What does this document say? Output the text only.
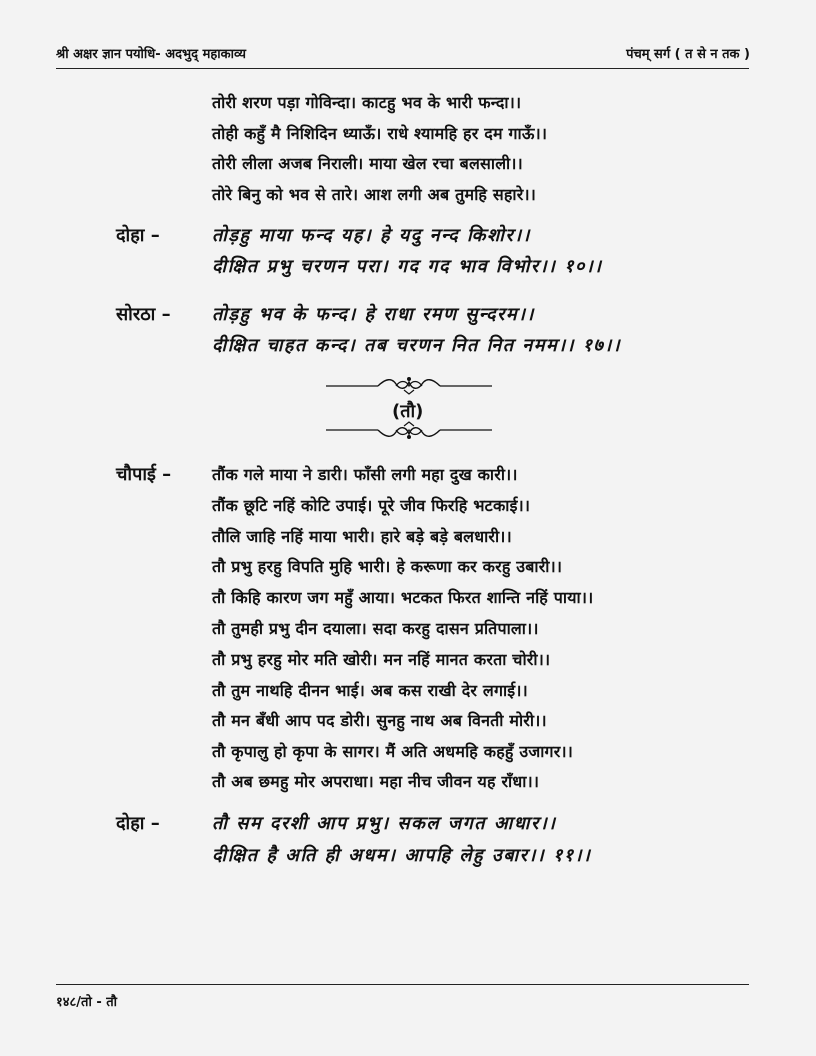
श्री अक्षर ज्ञान पयोधि- अदभुद् महाकाव्य	पंचम् सर्ग ( त से न तक )
तोरी शरण पड़ा गोविन्दा। काटहु भव के भारी फन्दा।।
तोही कहुँ मै निशिदिन ध्याऊँ। राधे श्यामहि हर दम गाऊँ।।
तोरी लीला अजब निराली। माया खेल रचा बलसाली।।
तोरे बिनु को भव से तारे। आश लगी अब तुमहि सहारे।।
दोहा –	तोड़हु माया फन्द यह। हे यदु नन्द किशोर।।
दीक्षित प्रभु चरणन परा। गद गद भाव विभोर।। १०।।
सोरठा – तोड़हु भव के फन्द। हे राधा रमण सुन्दरम।।
दीक्षित चाहत कन्द। तब चरणन नित नित नमम।। १७।।
(तौ)
चौपाई –	तौंक गले माया ने डारी। फाँसी लगी महा दुख कारी।।
तौंक छूटि नहिं कोटि उपाई। पूरे जीव फिरहि भटकाई।।
तौलि जाहि नहिं माया भारी। हारे बड़े बड़े बलधारी।।
तौ प्रभु हरहु विपति मुहि भारी। हे करूणा कर करहु उबारी।।
तौ किहि कारण जग महुँ आया। भटकत फिरत शान्ति नहिं पाया।।
तौ तुमही प्रभु दीन दयाला। सदा करहु दासन प्रतिपाला।।
तौ प्रभु हरहु मोर मति खोरी। मन नहिं मानत करता चोरी।।
तौ तुम नाथहि दीनन भाई। अब कस राखी देर लगाई।।
तौ मन बँधी आप पद डोरी। सुनहु नाथ अब विनती मोरी।।
तौ कृपालु हो कृपा के सागर। मैं अति अधमहि कहहुँ उजागर।।
तौ अब छमहु मोर अपराधा। महा नीच जीवन यह राँधा।।
दोहा –	तौ सम दरशी आप प्रभु। सकल जगत आधार।।
दीक्षित है अति ही अधम। आपहि लेहु उबार।। ११।।
१४८/तो - तौ
